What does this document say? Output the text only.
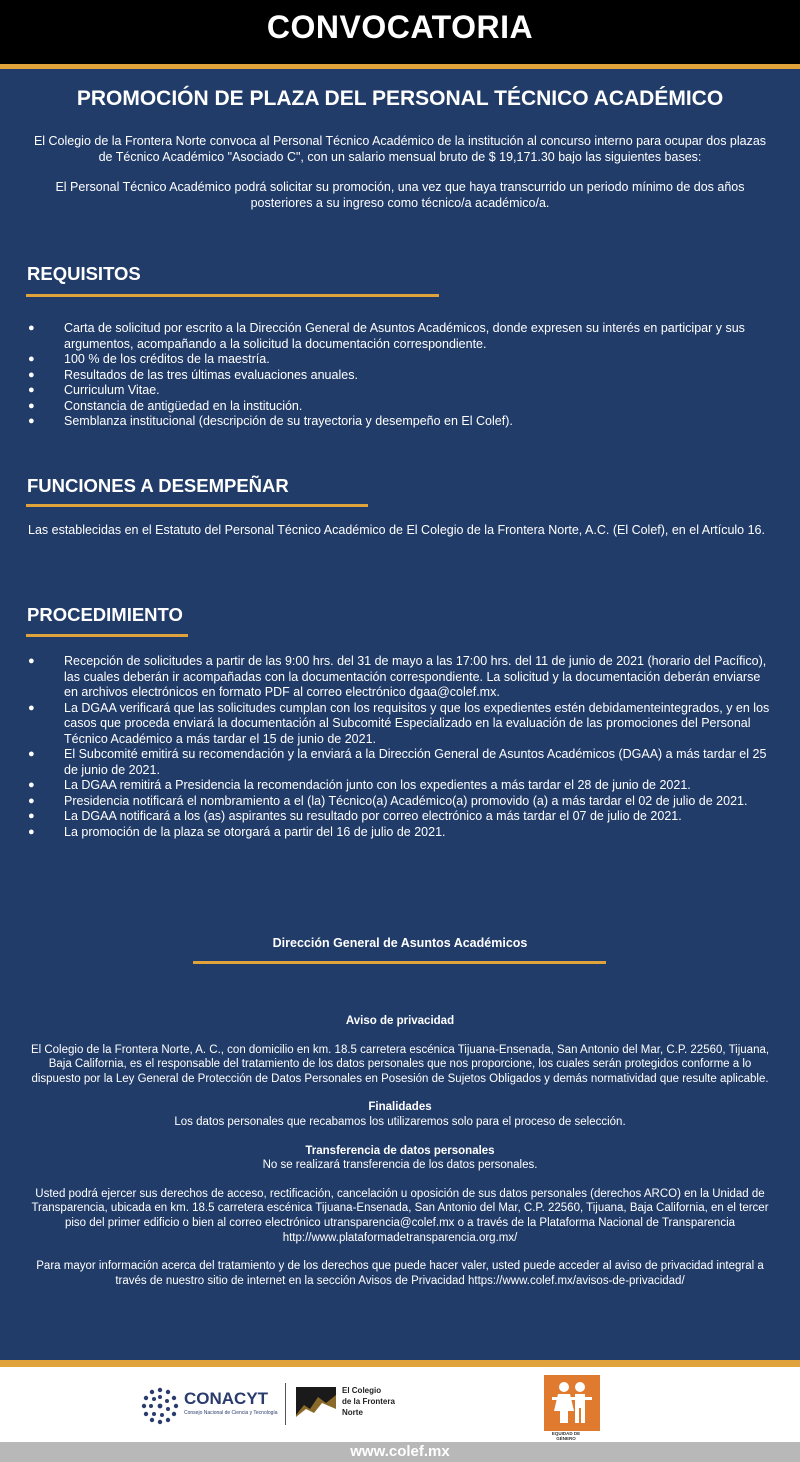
CONVOCATORIA
PROMOCIÓN DE PLAZA DEL PERSONAL TÉCNICO ACADÉMICO

El Colegio de la Frontera Norte convoca al Personal Técnico Académico de la institución al concurso interno para ocupar dos plazas de Técnico Académico "Asociado C", con un salario mensual bruto de $ 19,171.30 bajo las siguientes bases:

El Personal Técnico Académico podrá solicitar su promoción, una vez que haya transcurrido un periodo mínimo de dos años posteriores a su ingreso como técnico/a académico/a.

REQUISITOS
● Carta de solicitud por escrito a la Dirección General de Asuntos Académicos, donde expresen su interés en participar y sus argumentos, acompañando a la solicitud la documentación correspondiente.
● 100 % de los créditos de la maestría.
● Resultados de las tres últimas evaluaciones anuales.
● Curriculum Vitae.
● Constancia de antigüedad en la institución.
● Semblanza institucional (descripción de su trayectoria y desempeño en El Colef).
FUNCIONES A DESEMPEÑAR
Las establecidas en el Estatuto del Personal Técnico Académico de El Colegio de la Frontera Norte, A.C. (El Colef), en el Artículo 16.
PROCEDIMIENTO
● Recepción de solicitudes a partir de las 9:00 hrs. del 31 de mayo a las 17:00 hrs. del 11 de junio de 2021 (horario del Pacífico), las cuales deberán ir acompañadas con la documentación correspondiente. La solicitud y la documentación deberán enviarse en archivos electrónicos en formato PDF al correo electrónico dgaa@colef.mx.
● La DGAA verificará que las solicitudes cumplan con los requisitos y que los expedientes estén debidamenteintegrados, y en los casos que proceda enviará la documentación al Subcomité Especializado en la evaluación de las promociones del Personal Técnico Académico a más tardar el 15 de junio de 2021.
● El Subcomité emitirá su recomendación y la enviará a la Dirección General de Asuntos Académicos (DGAA) a más tardar el 25 de junio de 2021.
● La DGAA remitirá a Presidencia la recomendación junto con los expedientes a más tardar el 28 de junio de 2021.
● Presidencia notificará el nombramiento a el (la) Técnico(a) Académico(a) promovido (a) a más tardar el 02 de julio de 2021.
● La DGAA notificará a los (as) aspirantes su resultado por correo electrónico a más tardar el 07 de julio de 2021.
● La promoción de la plaza se otorgará a partir del 16 de julio de 2021.
Dirección General de Asuntos Académicos

Aviso de privacidad

El Colegio de la Frontera Norte, A. C., con domicilio en km. 18.5 carretera escénica Tijuana-Ensenada, San Antonio del Mar, C.P. 22560, Tijuana, Baja California, es el responsable del tratamiento de los datos personales que nos proporcione, los cuales serán protegidos conforme a lo dispuesto por la Ley General de Protección de Datos Personales en Posesión de Sujetos Obligados y demás normatividad que resulte aplicable.

Finalidades
Los datos personales que recabamos los utilizaremos solo para el proceso de selección.

Transferencia de datos personales
No se realizará transferencia de los datos personales.

Usted podrá ejercer sus derechos de acceso, rectificación, cancelación u oposición de sus datos personales (derechos ARCO) en la Unidad de Transparencia, ubicada en km. 18.5 carretera escénica Tijuana-Ensenada, San Antonio del Mar, C.P. 22560, Tijuana, Baja California, en el tercer piso del primer edificio o bien al correo electrónico utransparencia@colef.mx o a través de la Plataforma Nacional de Transparencia http://www.plataformadetransparencia.org.mx/

Para mayor información acerca del tratamiento y de los derechos que puede hacer valer, usted puede acceder al aviso de privacidad integral a través de nuestro sitio de internet en la sección Avisos de Privacidad https://www.colef.mx/avisos-de-privacidad/

CONACYT
Consejo Nacional de Ciencia y Tecnología
El Colegio
de la Frontera
Norte
EQUIDAD DE GÉNERO
www.colef.mx
